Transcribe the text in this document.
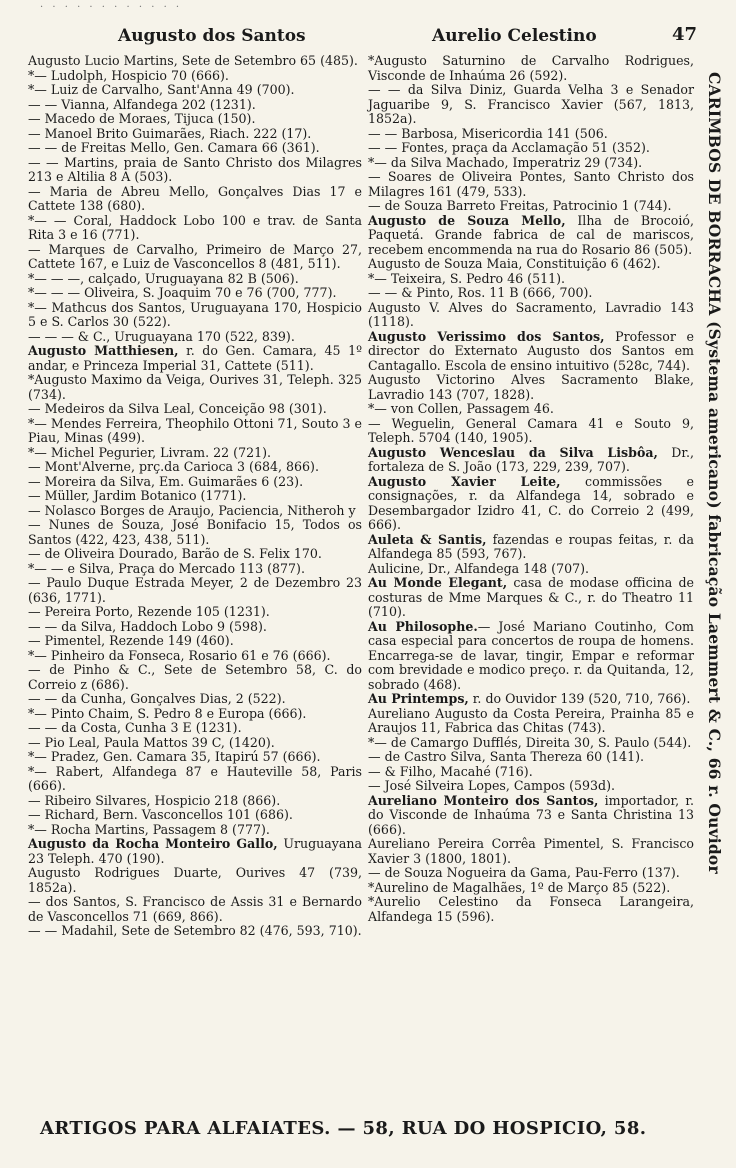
· · · · · · · · · · · ·
Augusto dos Santos	Aurelio Celestino	47

Augusto Lucio Martins, Sete de Setembro 65 (485).

*— Ludolph, Hospicio 70 (666).

*— Luiz de Carvalho, Sant'Anna 49 (700).

— — Vianna, Alfandega 202 (1231).

— Macedo de Moraes, Tijuca (150).

— Manoel Brito Guimarães, Riach. 222 (17).

— — de Freitas Mello, Gen. Camara 66 (361).

— — Martins, praia de Santo Christo dos Milagres 213 e Altilia 8 A (503).

— Maria de Abreu Mello, Gonçalves Dias 17 e Cattete 138 (680).

*— — Coral, Haddock Lobo 100 e trav. de Santa Rita 3 e 16 (771).

— Marques de Carvalho, Primeiro de Março 27, Cattete 167, e Luiz de Vasconcellos 8 (481, 511).

*— — —, calçado, Uruguayana 82 B (506).

*— — — Oliveira, S. Joaquim 70 e 76 (700, 777).

*— Mathcus dos Santos, Uruguayana 170, Hospicio 5 e S. Carlos 30 (522).

— — — & C., Uruguayana 170 (522, 839).

Augusto Matthiesen, r. do Gen. Camara, 45 1º andar, e Princeza Imperial 31, Cattete (511).

*Augusto Maximo da Veiga, Ourives 31, Teleph. 325 (734).

— Medeiros da Silva Leal, Conceição 98 (301).

*— Mendes Ferreira, Theophilo Ottoni 71, Souto 3 e Piau, Minas (499).

*— Michel Pegurier, Livram. 22 (721).

— Mont'Alverne, prç.da Carioca 3 (684, 866).

— Moreira da Silva, Em. Guimarães 6 (23).

— Müller, Jardim Botanico (1771).

— Nolasco Borges de Araujo, Paciencia, Nitheroh y

— Nunes de Souza, José Bonifacio 15, Todos os Santos (422, 423, 438, 511).

— de Oliveira Dourado, Barão de S. Felix 170.

*— — e Silva, Praça do Mercado 113 (877).

— Paulo Duque Estrada Meyer, 2 de Dezembro 23 (636, 1771).

— Pereira Porto, Rezende 105 (1231).

— — da Silva, Haddoch Lobo 9 (598).

— Pimentel, Rezende 149 (460).

*— Pinheiro da Fonseca, Rosario 61 e 76 (666).

— de Pinho & C., Sete de Setembro 58, C. do Correio z (686).

— — da Cunha, Gonçalves Dias, 2 (522).

*— Pinto Chaim, S. Pedro 8 e Europa (666).

— — da Costa, Cunha 3 E (1231).

— Pio Leal, Paula Mattos 39 C, (1420).

*— Pradez, Gen. Camara 35, Itapirú 57 (666).

*— Rabert, Alfandega 87 e Hauteville 58, Paris (666).

— Ribeiro Silvares, Hospicio 218 (866).

— Richard, Bern. Vasconcellos 101 (686).

*— Rocha Martins, Passagem 8 (777).

Augusto da Rocha Monteiro Gallo, Uruguayana 23 Teleph. 470 (190).

Augusto Rodrigues Duarte, Ourives 47 (739, 1852a).

— dos Santos, S. Francisco de Assis 31 e Bernardo de Vasconcellos 71 (669, 866).

— — Madahil, Sete de Setembro 82 (476, 593, 710).

*Augusto Saturnino de Carvalho Rodrigues, Visconde de Inhaúma 26 (592).

— — da Silva Diniz, Guarda Velha 3 e Senador Jaguaribe 9, S. Francisco Xavier (567, 1813, 1852a).

— — Barbosa, Misericordia 141 (506.

— — Fontes, praça da Acclamação 51 (352).

*— da Silva Machado, Imperatriz 29 (734).

— Soares de Oliveira Pontes, Santo Christo dos Milagres 161 (479, 533).

— de Souza Barreto Freitas, Patrocinio 1 (744).

Augusto de Souza Mello, Ilha de Brocoió, Paquetá. Grande fabrica de cal de mariscos, recebem encommenda na rua do Rosario 86 (505).

Augusto de Souza Maia, Constituição 6 (462).

*— Teixeira, S. Pedro 46 (511).

— — & Pinto, Ros. 11 B (666, 700).

Augusto V. Alves do Sacramento, Lavradio 143 (1118).

Augusto Verissimo dos Santos, Professor e director do Externato Augusto dos Santos em Cantagallo. Escola de ensino intuitivo (528c, 744).

Augusto Victorino Alves Sacramento Blake, Lavradio 143 (707, 1828).

*— von Collen, Passagem 46.

— Weguelin, General Camara 41 e Souto 9, Teleph. 5704 (140, 1905).

Augusto Wenceslau da Silva Lisbôa, Dr., fortaleza de S. João (173, 229, 239, 707).

Augusto Xavier Leite, commissões e consignações, r. da Alfandega 14, sobrado e Desembargador Izidro 41, C. do Correio 2 (499, 666).

Auleta & Santis, fazendas e roupas feitas, r. da Alfandega 85 (593, 767).

Aulicine, Dr., Alfandega 148 (707).

Au Monde Elegant, casa de modase officina de costuras de Mme Marques & C., r. do Theatro 11 (710).

Au Philosophe.— José Mariano Coutinho, Com casa especial para concertos de roupa de homens. Encarrega-se de lavar, tingir, Empar e reformar com brevidade e modico preço. r. da Quitanda, 12, sobrado (468).

Au Printemps, r. do Ouvidor 139 (520, 710, 766).

Aureliano Augusto da Costa Pereira, Prainha 85 e Araujos 11, Fabrica das Chitas (743).

*— de Camargo Dufflés, Direita 30, S. Paulo (544).

— de Castro Silva, Santa Thereza 60 (141).

— & Filho, Macahé (716).

— José Silveira Lopes, Campos (593d).

Aureliano Monteiro dos Santos, importador, r. do Visconde de Inhaúma 73 e Santa Christina 13 (666).

Aureliano Pereira Corrêa Pimentel, S. Francisco Xavier 3 (1800, 1801).

— de Souza Nogueira da Gama, Pau-Ferro (137).

*Aurelino de Magalhães, 1º de Março 85 (522).

*Aurelio Celestino da Fonseca Larangeira, Alfandega 15 (596).

CARIMBOS DE BORRACHA (Systema americano) fabricação Laemmert & C., 66 r. Ouvidor
ARTIGOS PARA ALFAIATES. — 58, RUA DO HOSPICIO, 58.
